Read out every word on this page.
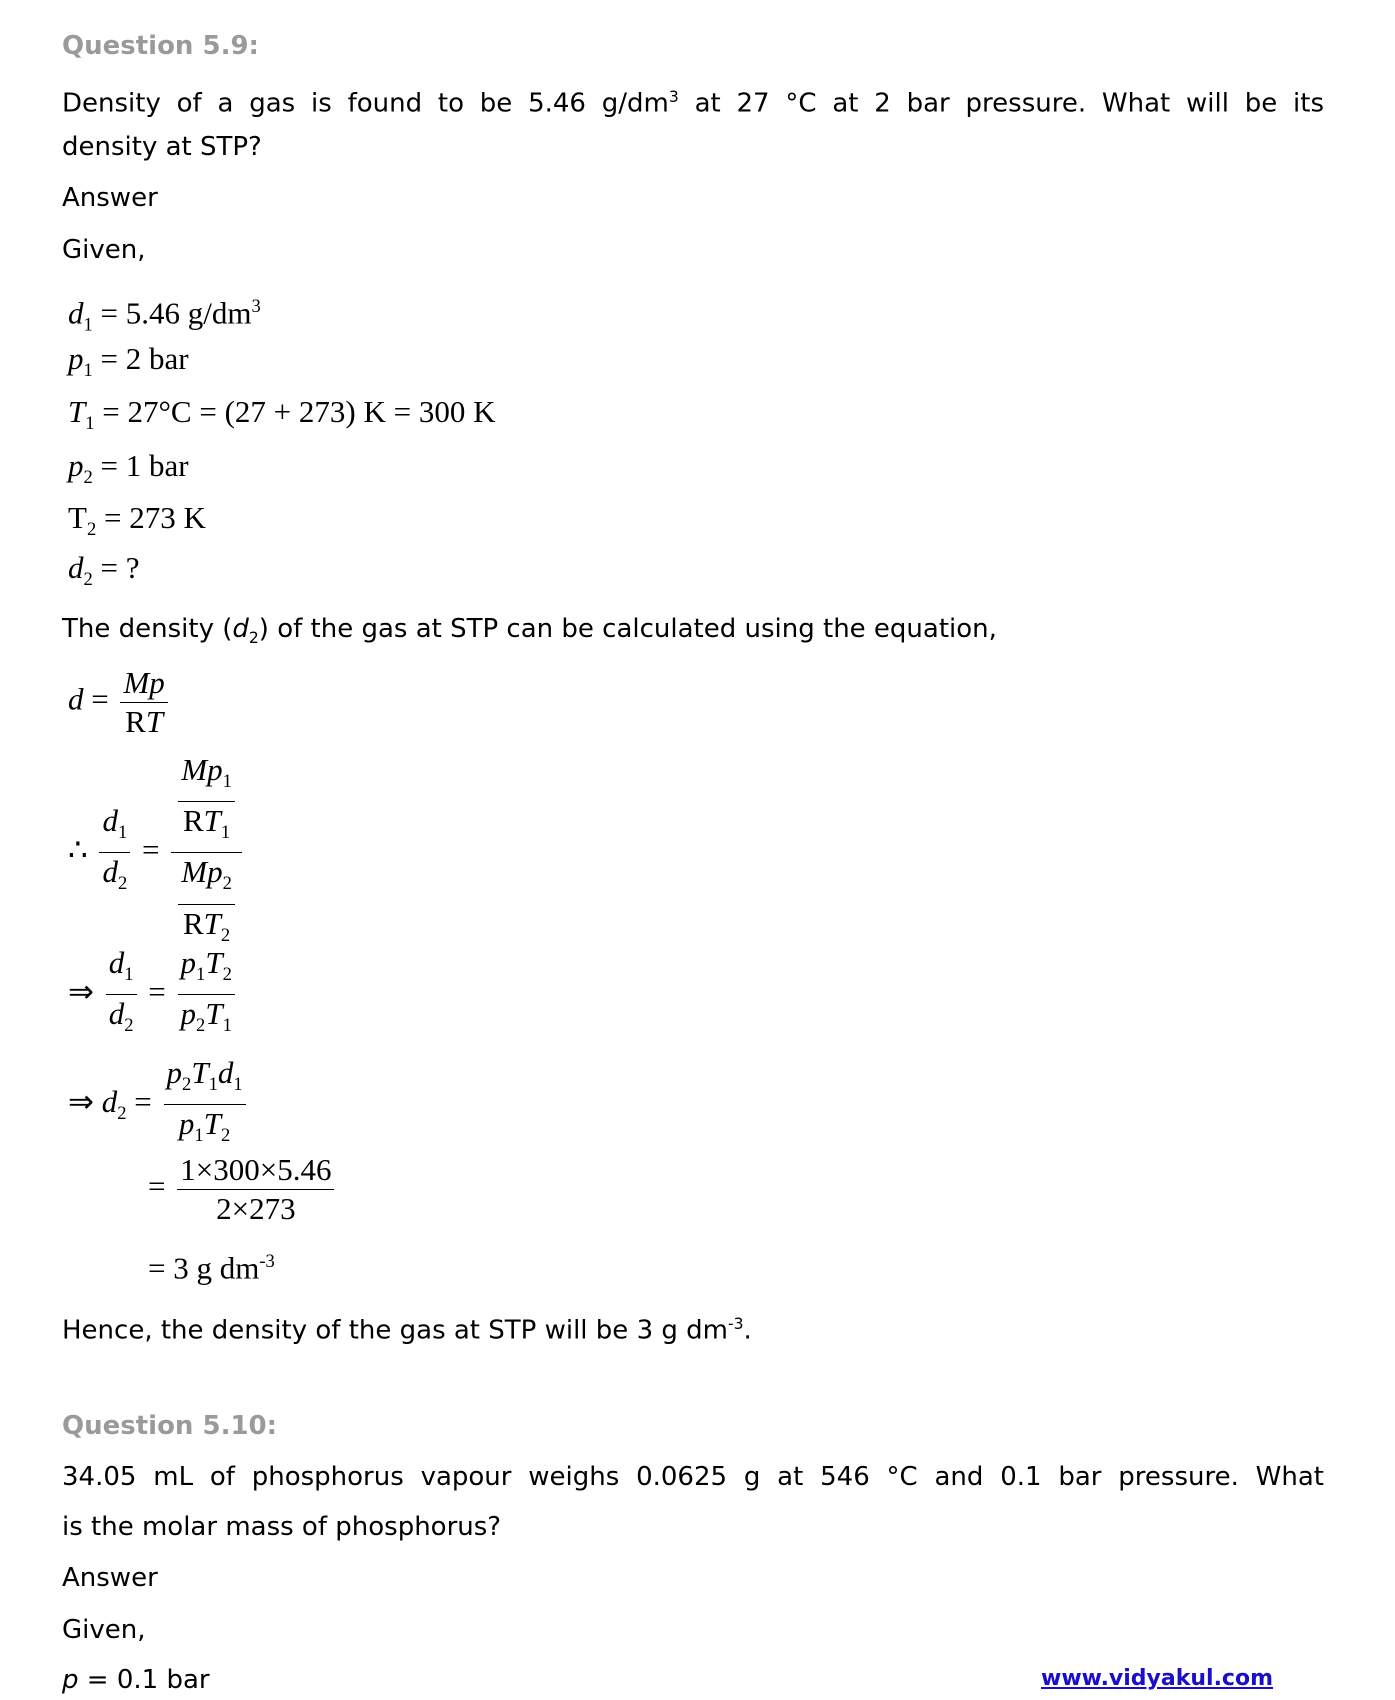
Question 5.9:
Density of a gas is found to be 5.46 $g/dm^3$ at 27 °C at 2 bar pressure. What will be its
density at STP?
Answer
Given,
$d_1 = 5.46$ $g/dm^3$
$p_1 = 2$ bar
$T_1 = 27^\circ C = (27 + 273) K = 300$ K
$p_2 = 1$ bar
$T_2 = 273$ K
$d_2$ = ?
The density $(d_2)$ of the gas at STP can be calculated using the equation,
$d = \frac{Mp}{RT}$
∴ $\frac{d_1}{d_2} = \frac{\frac{Mp_1}{RT_1}}{\frac{Mp_2}{RT_2}}$
⇒ $\frac{d_1}{d_2} = \frac{p_1T_2}{p_2T_1}$
⇒ $d_2 = \frac{p_2T_1d_1}{p_1T_2}$
= $\frac{1\times 300\times 5.46}{2\times 273}$
= 3 g $dm^{-3}$
Hence, the density of the gas at STP will be 3 g $dm^{-3}$.
Question 5.10:
34.05 mL of phosphorus vapour weighs 0.0625 g at 546 °C and 0.1 bar pressure. What
is the molar mass of phosphorus?
Answer
Given,
p = 0.1 bar	www.vidyakul.com
